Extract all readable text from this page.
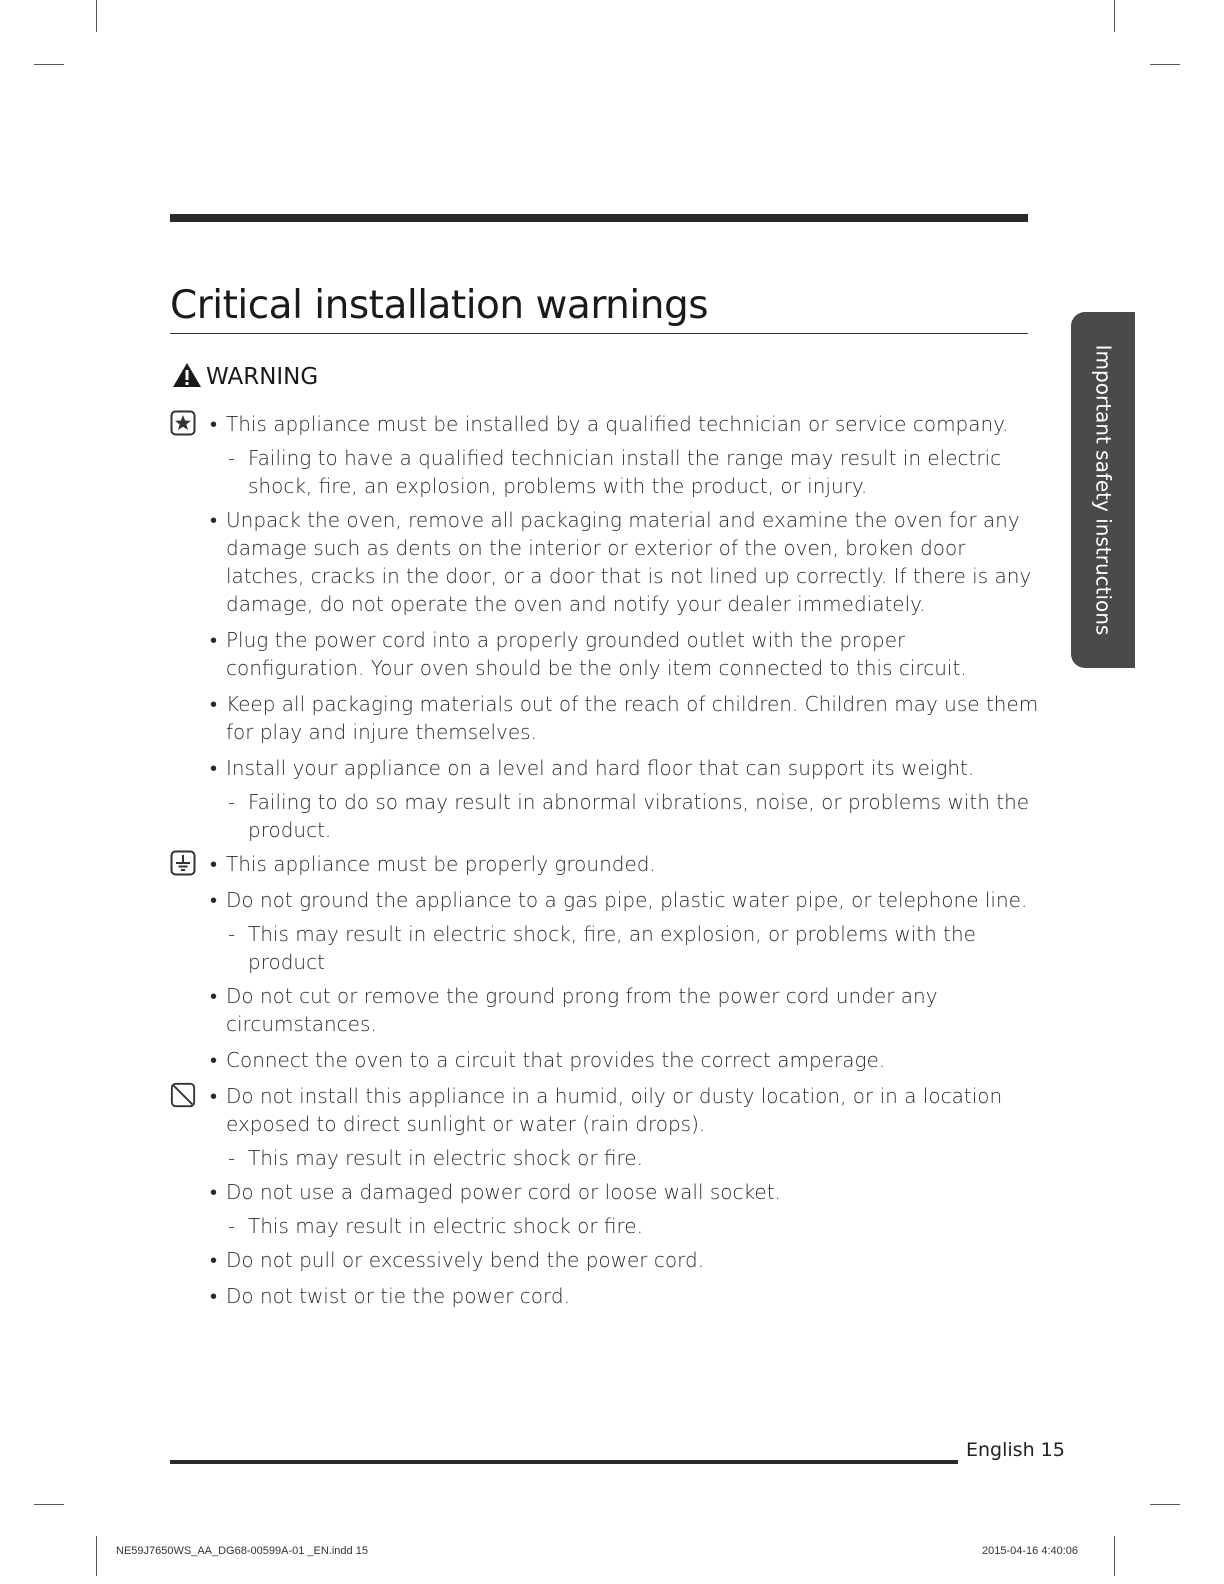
Critical installation warnings
WARNING
• This appliance must be installed by a qualified technician or service company.
- Failing to have a qualified technician install the range may result in electric shock, fire, an explosion, problems with the product, or injury.
• Unpack the oven, remove all packaging material and examine the oven for any damage such as dents on the interior or exterior of the oven, broken door latches, cracks in the door, or a door that is not lined up correctly. If there is any damage, do not operate the oven and notify your dealer immediately.
• Plug the power cord into a properly grounded outlet with the proper configuration. Your oven should be the only item connected to this circuit.
• Keep all packaging materials out of the reach of children. Children may use them for play and injure themselves.
• Install your appliance on a level and hard floor that can support its weight.
- Failing to do so may result in abnormal vibrations, noise, or problems with the product.
• This appliance must be properly grounded.
• Do not ground the appliance to a gas pipe, plastic water pipe, or telephone line.
- This may result in electric shock, fire, an explosion, or problems with the product
• Do not cut or remove the ground prong from the power cord under any circumstances.
• Connect the oven to a circuit that provides the correct amperage.
• Do not install this appliance in a humid, oily or dusty location, or in a location exposed to direct sunlight or water (rain drops).
- This may result in electric shock or fire.
• Do not use a damaged power cord or loose wall socket.
- This may result in electric shock or fire.
• Do not pull or excessively bend the power cord.
• Do not twist or tie the power cord.
Important safety instructions
English 15
NE59J7650WS_AA_DG68-00599A-01 _EN.indd 15	2015-04-16 4:40:06
